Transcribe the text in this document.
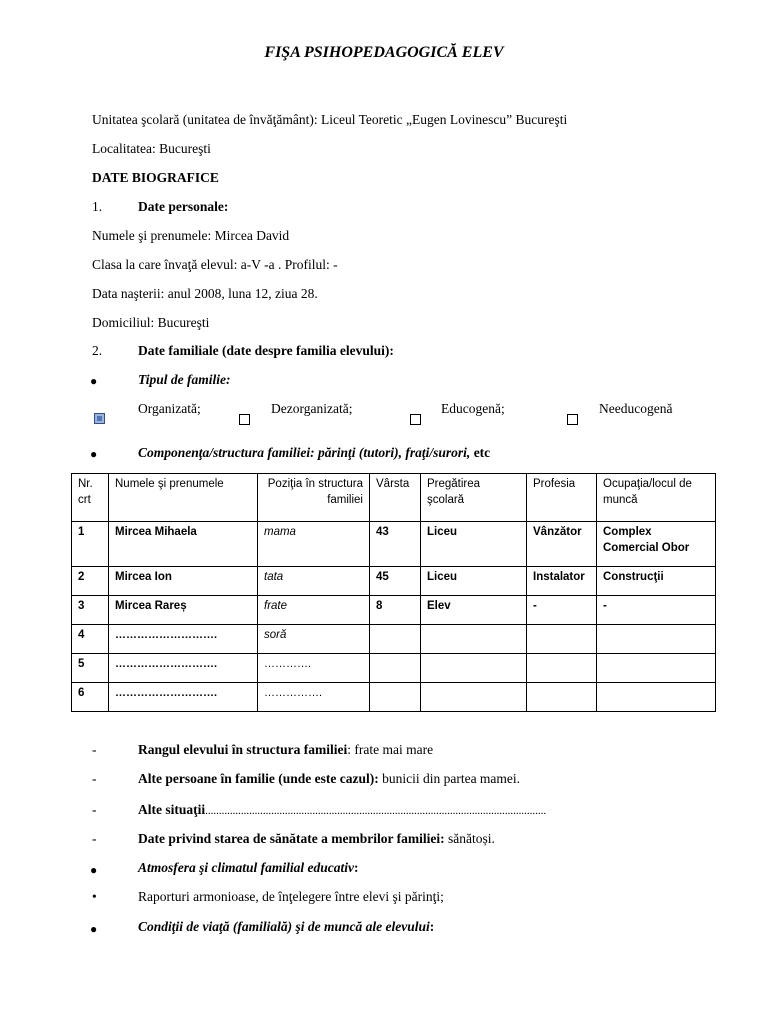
FIŞA PSIHOPEDAGOGICĂ ELEV
Unitatea şcolară (unitatea de învăţământ): Liceul Teoretic „Eugen Lovinescu” Bucureşti
Localitatea: Bucureşti
DATE BIOGRAFICE
1.	Date personale:
Numele şi prenumele: Mircea David
Clasa la care învaţă elevul: a-V -a . Profilul: -
Data naşterii: anul 2008, luna 12, ziua 28.
Domiciliul: Bucureşti
2.	Date familiale (date despre familia elevului):
●	Tipul de familie:
Organizată;	Dezorganizată;	Educogenă;	Needucogenă
●	Componenţa/structura familiei: părinţi (tutori), fraţi/surori, etc
Nr. crt	Numele şi prenumele	Poziţia în structura familiei	Vârsta	Pregătirea şcolară	Profesia	Ocupaţia/locul de muncă
1	Mircea Mihaela	mama	43	Liceu	Vânzător	Complex Comercial Obor
2	Mircea Ion	tata	45	Liceu	Instalator	Construcţii
3	Mircea Rareș	frate	8	Elev	-	-
4	……………………….	soră				
5	……………………….	………….				
6	……………………….	…………….				
-	Rangul elevului în structura familiei: frate mai mare
-	Alte persoane în familie (unde este cazul): bunicii din partea mamei.
-	Alte situaţii............................................................................................................................
-	Date privind starea de sănătate a membrilor familiei: sănătoși.
●	Atmosfera şi climatul familial educativ:
•	Raporturi armonioase, de înţelegere între elevi şi părinţi;
●	Condiţii de viaţă (familială) şi de muncă ale elevului:
